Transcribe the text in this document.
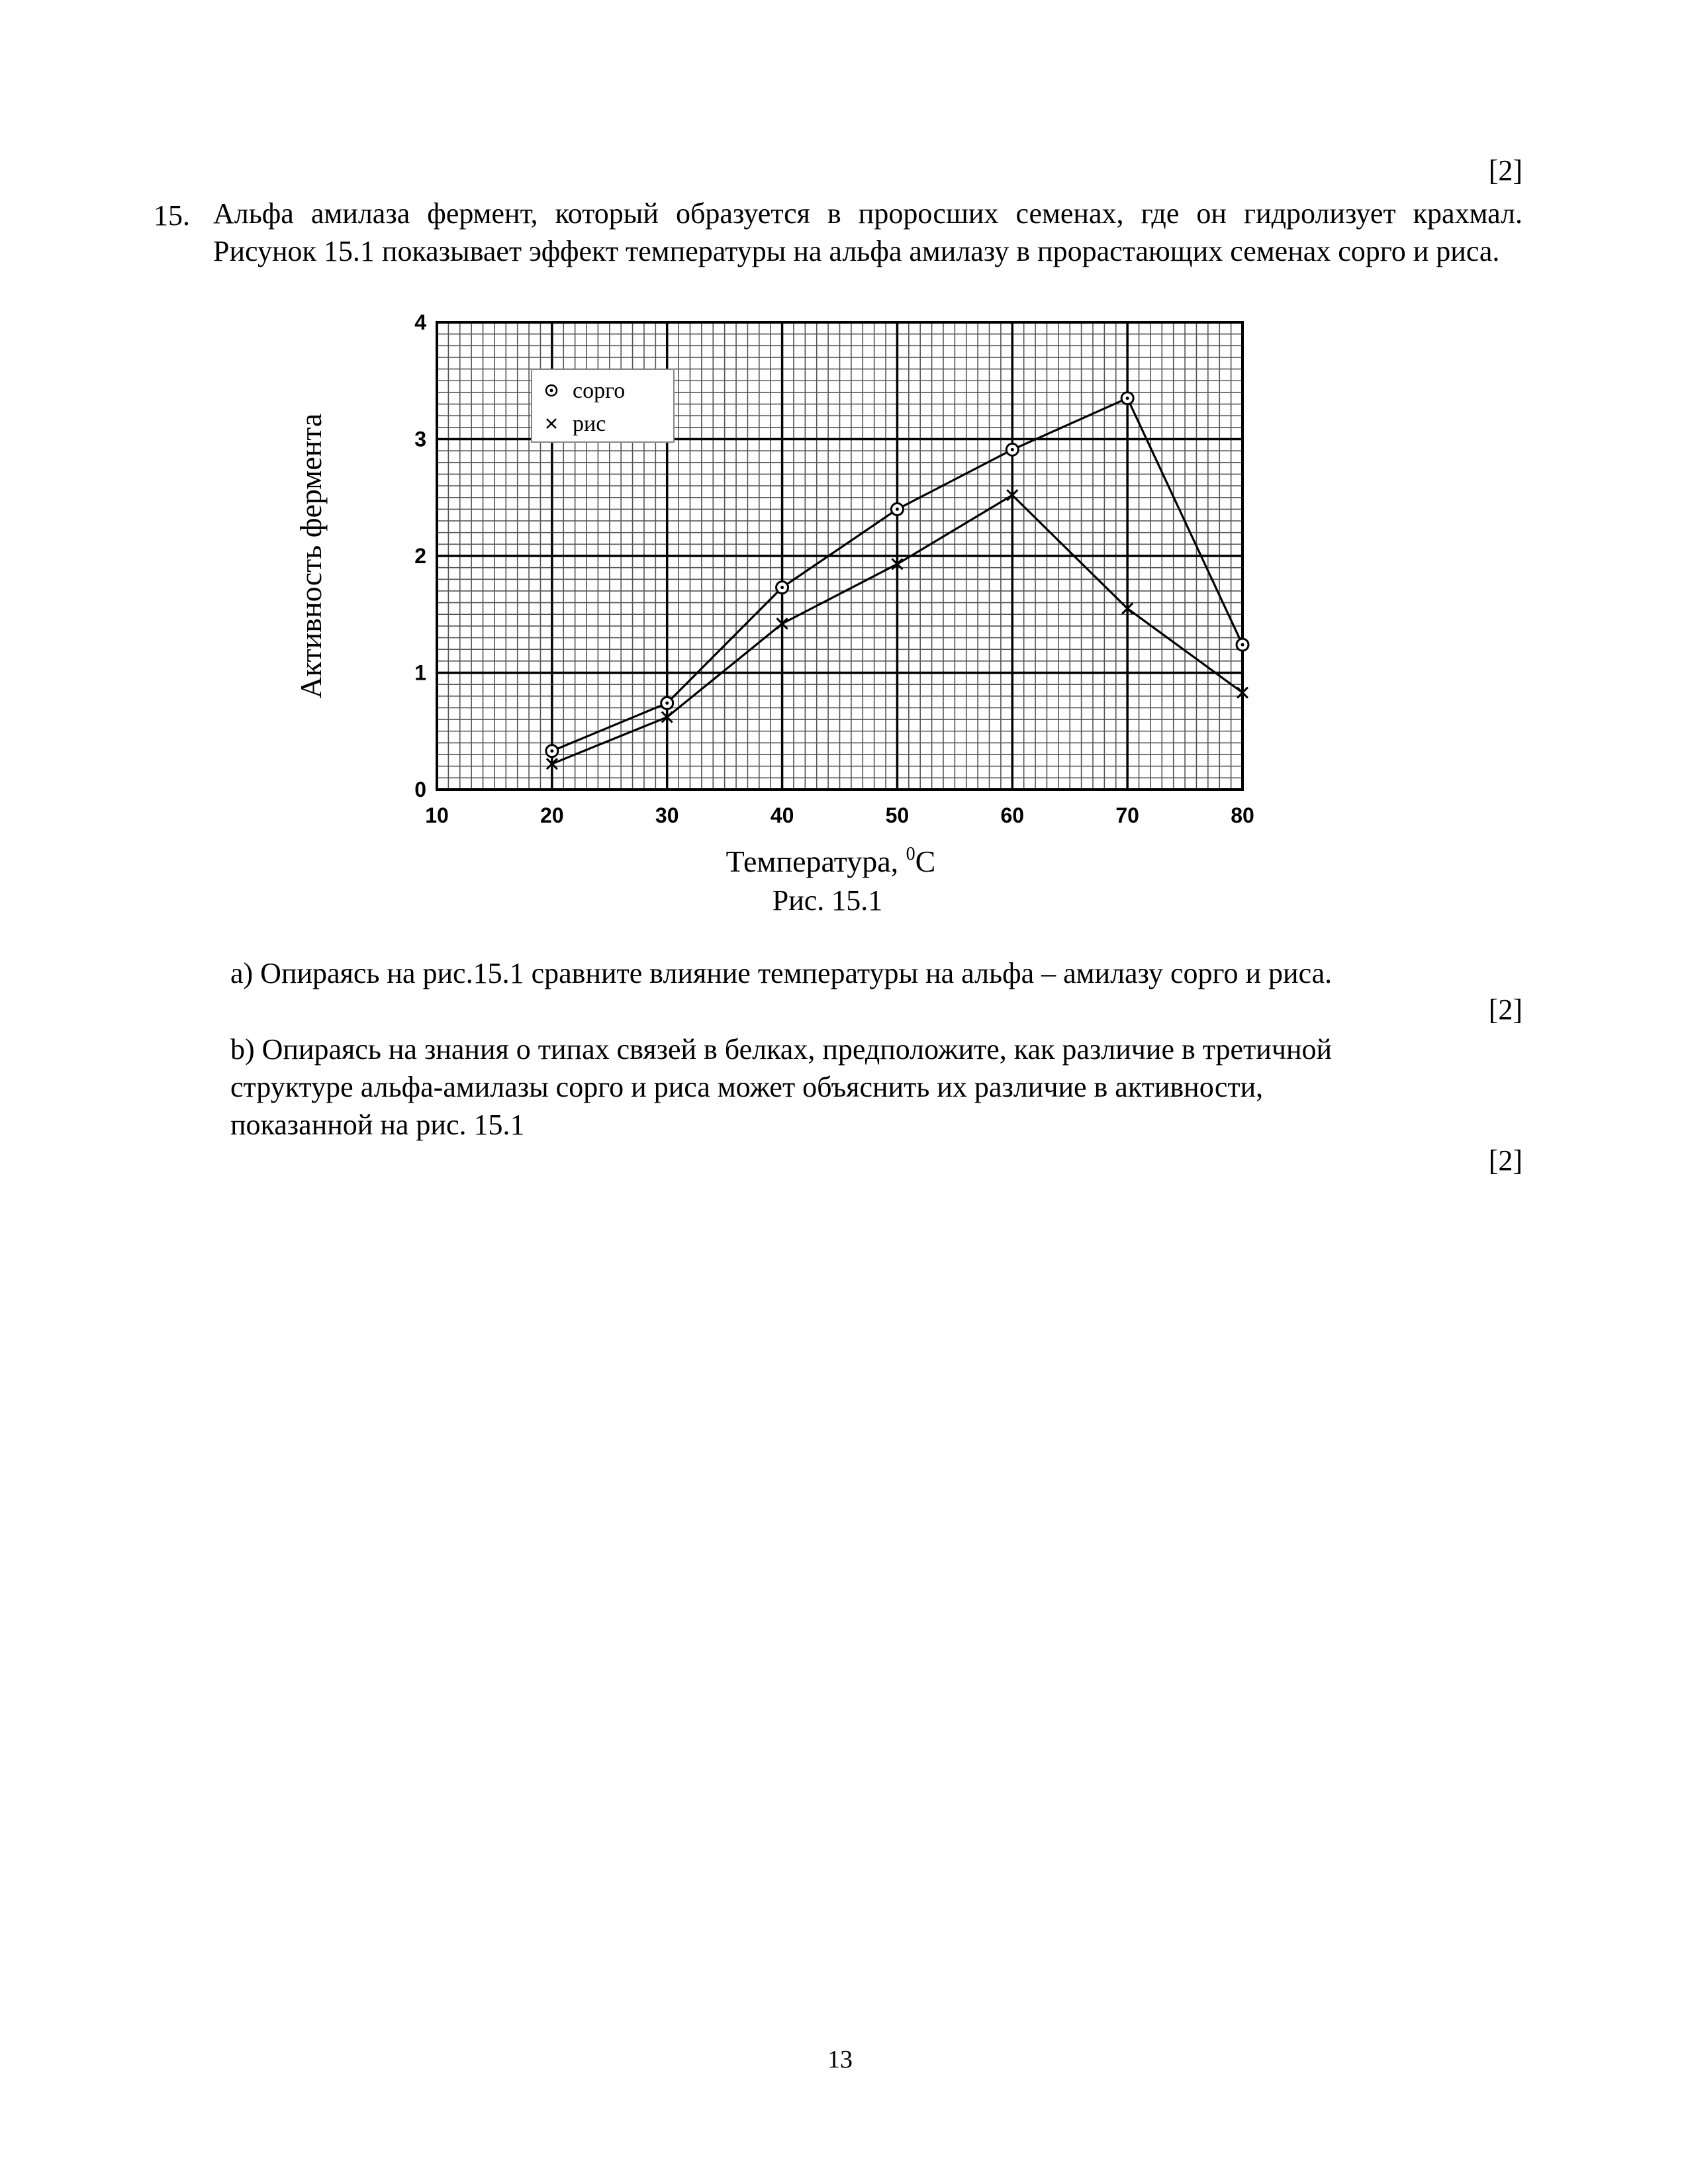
[2]
15. Альфа амилаза фермент, который образуется в проросших семенах, где он гидролизует крахмал. Рисунок 15.1 показывает эффект температуры на альфа амилазу в прорастающих семенах сорго и риса.
10	20	30	40	50	60	70	80
0
1
2
3
4
сорго
рис
Активность фермента
Температура, $^0$C
Рис. 15.1
а) Опираясь на рис.15.1 сравните влияние температуры на альфа – амилазу сорго и риса.
[2]
b) Опираясь на знания о типах связей в белках, предположите, как различие в третичной
структуре альфа-амилазы сорго и риса может объяснить их различие в активности,
показанной на рис. 15.1
[2]
13
